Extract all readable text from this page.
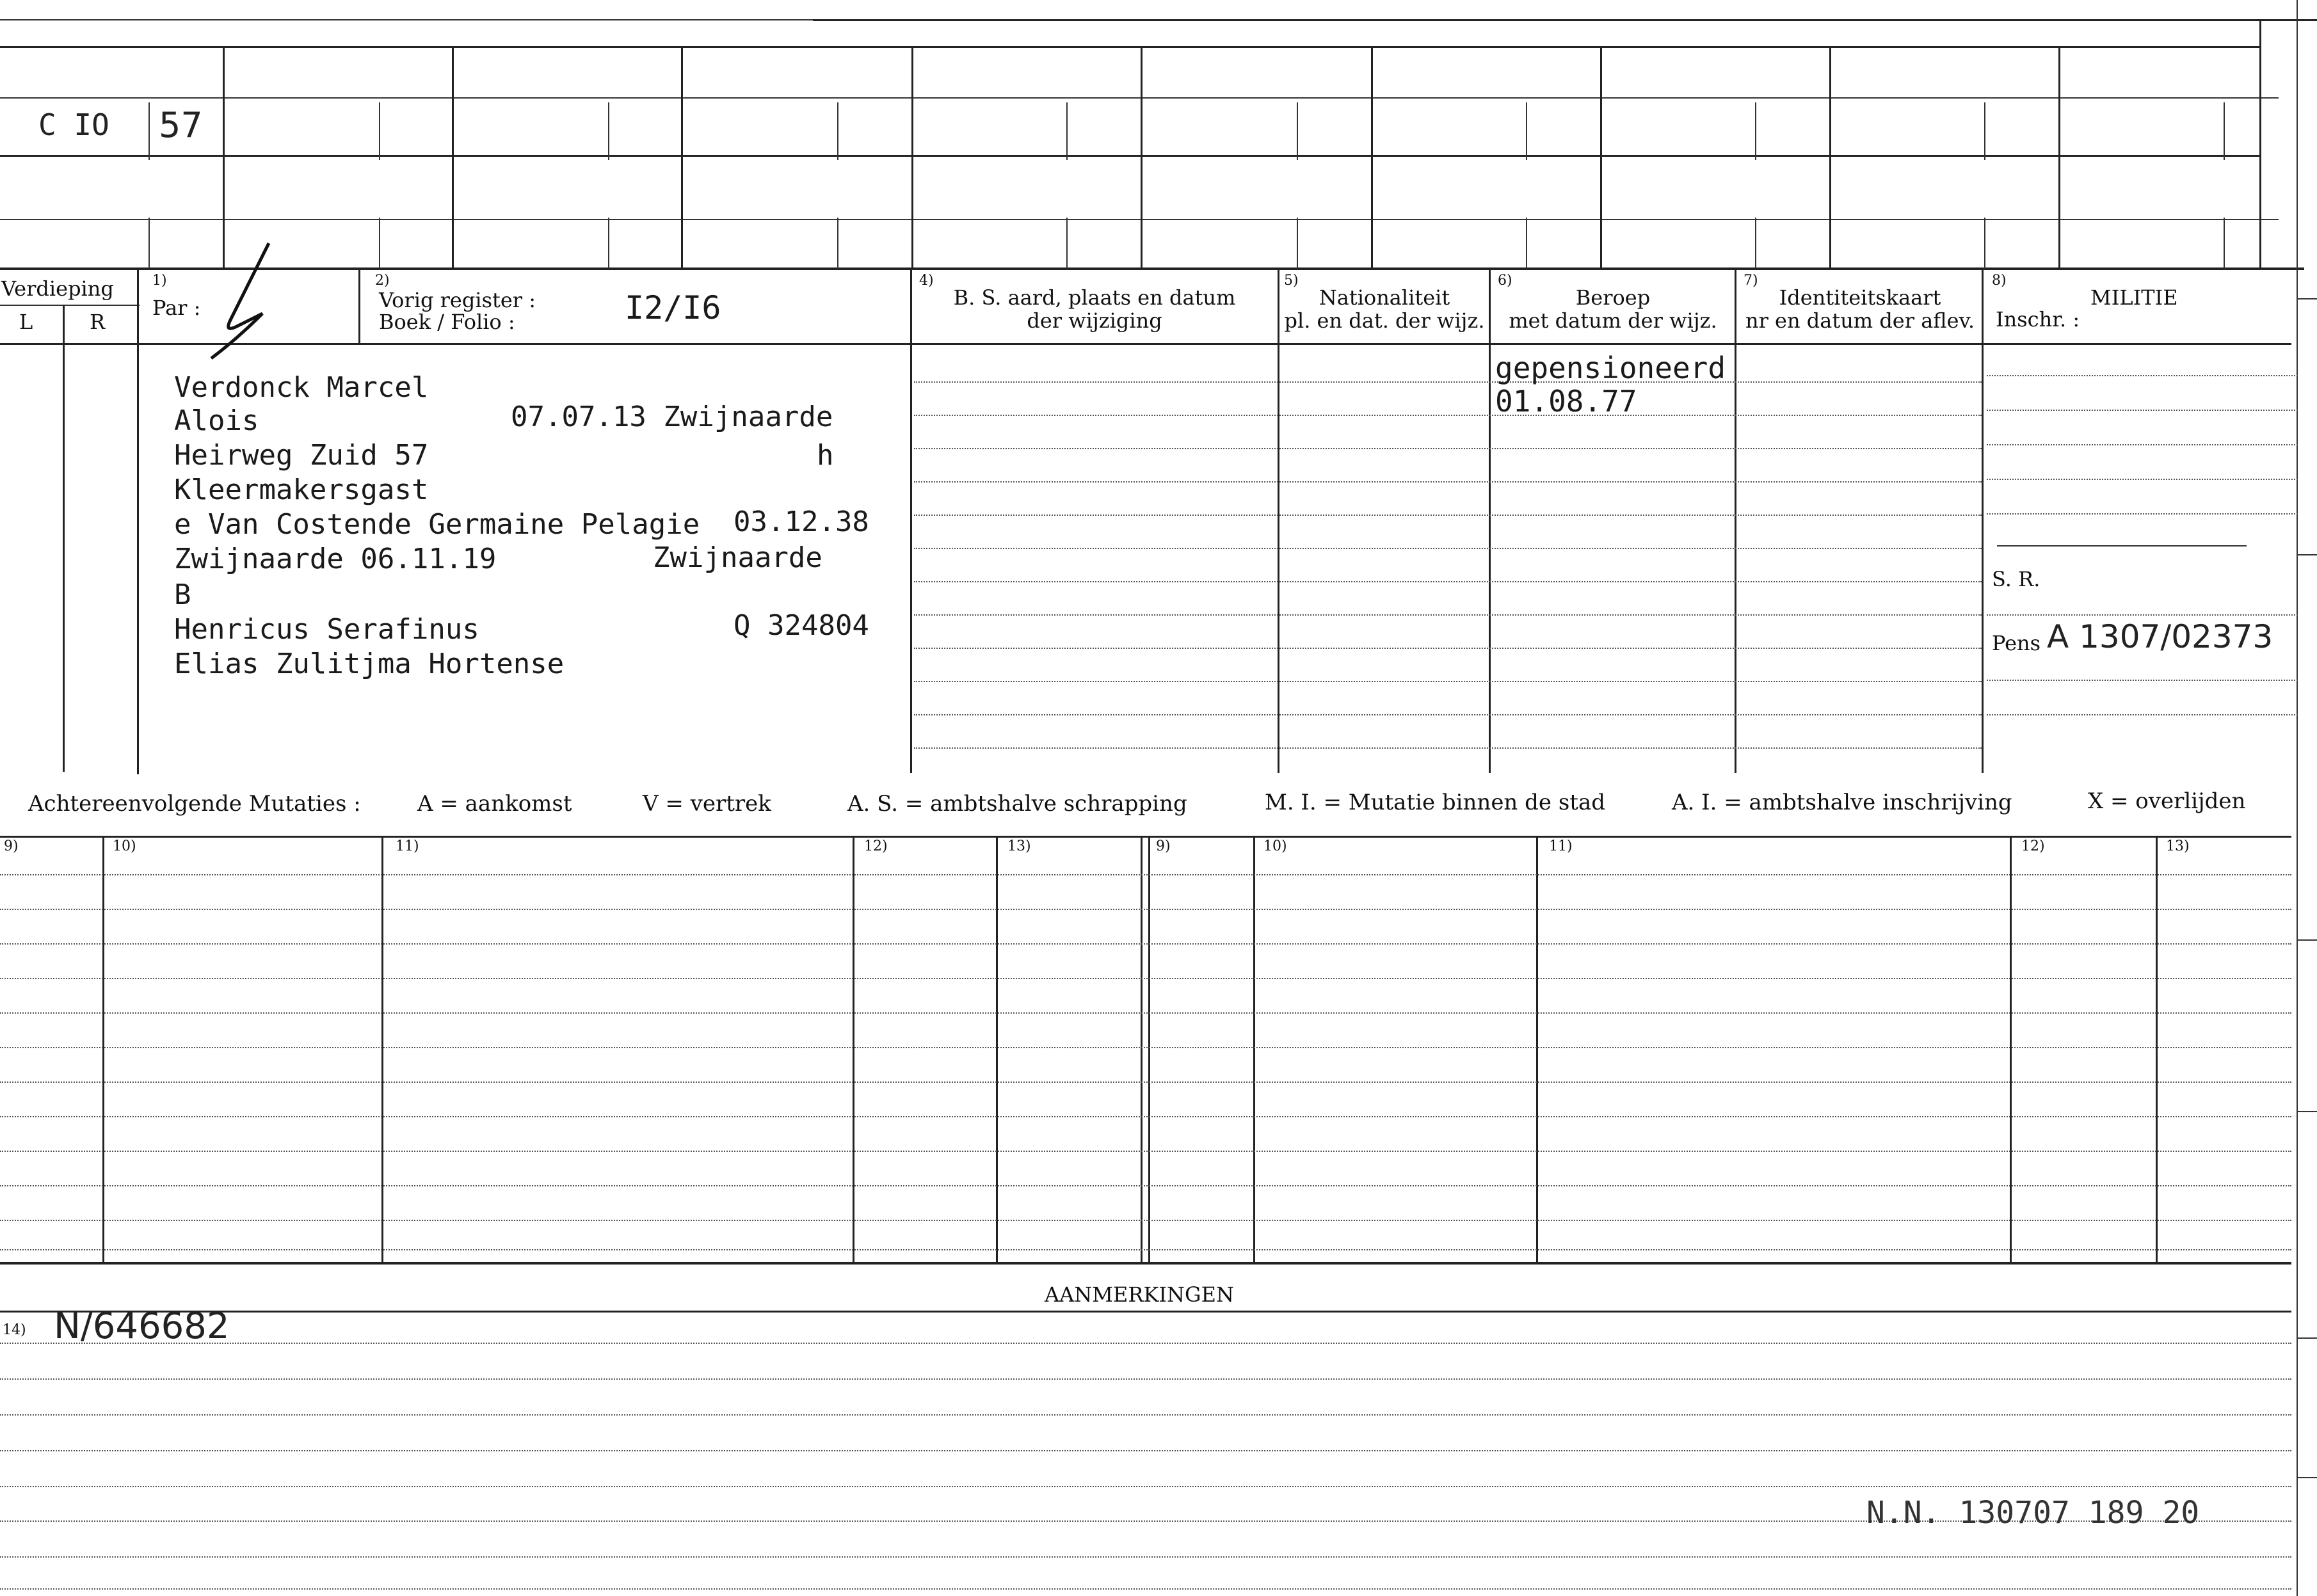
C IO 57
Verdieping
L	R
1)
Par :
2)
Vorig register :
Boek / Folio :	I2/I6
4)
B. S. aard, plaats en datum
der wijziging
5)
Nationaliteit
pl. en dat. der wijz.
6)
Beroep
met datum der wijz.
7)
Identiteitskaart
nr en datum der aflev.
8)
MILITIE
Inschr. :
Verdonck Marcel
Alois	07.07.13 Zwijnaarde
Heirweg Zuid 57	h
Kleermakersgast
e Van Costende Germaine Pelagie 03.12.38
Zwijnaarde 06.11.19	Zwijnaarde
B
Henricus Serafinus	Q 324804
Elias Zulitjma Hortense
gepensioneerd
01.08.77
S. R.
Pens A 1307/02373
Achtereenvolgende Mutaties :	A = aankomst	V = vertrek	A. S. = ambtshalve schrapping	M. I. = Mutatie binnen de stad	A. I. = ambtshalve inschrijving	X = overlijden
9)	10)	11)	12)	13)	9)	10)	11)	12)	13)
AANMERKINGEN
14) N/646682
N.N. 130707 189 20
